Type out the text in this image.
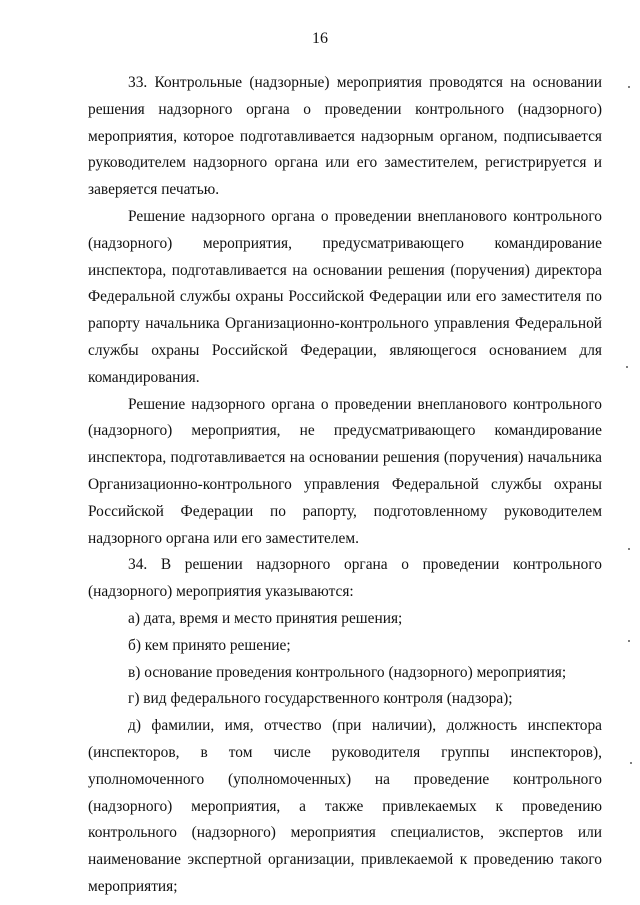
16

33. Контрольные (надзорные) мероприятия проводятся на основании решения надзорного органа о проведении контрольного (надзорного) мероприятия, которое подготавливается надзорным органом, подписывается руководителем надзорного органа или его заместителем, регистрируется и заверяется печатью.

Решение надзорного органа о проведении внепланового контрольного (надзорного) мероприятия, предусматривающего командирование инспектора, подготавливается на основании решения (поручения) директора Федеральной службы охраны Российской Федерации или его заместителя по рапорту начальника Организационно-контрольного управления Федеральной службы охраны Российской Федерации, являющегося основанием для командирования.

Решение надзорного органа о проведении внепланового контрольного (надзорного) мероприятия, не предусматривающего командирование инспектора, подготавливается на основании решения (поручения) начальника Организационно-контрольного управления Федеральной службы охраны Российской Федерации по рапорту, подготовленному руководителем надзорного органа или его заместителем.

34. В решении надзорного органа о проведении контрольного (надзорного) мероприятия указываются:

а) дата, время и место принятия решения;

б) кем принято решение;

в) основание проведения контрольного (надзорного) мероприятия;

г) вид федерального государственного контроля (надзора);

д) фамилии, имя, отчество (при наличии), должность инспектора (инспекторов, в том числе руководителя группы инспекторов), уполномоченного (уполномоченных) на проведение контрольного (надзорного) мероприятия, а также привлекаемых к проведению контрольного (надзорного) мероприятия специалистов, экспертов или наименование экспертной организации, привлекаемой к проведению такого мероприятия;
